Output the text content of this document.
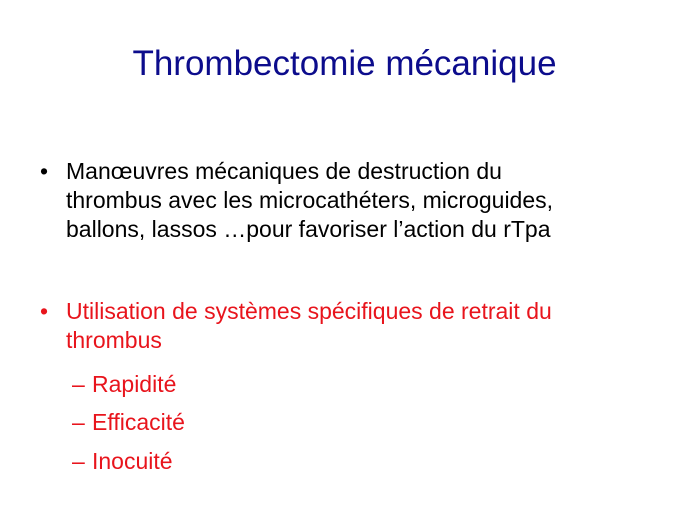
Thrombectomie mécanique
• Manœuvres mécaniques de destruction du
thrombus avec les microcathéters, microguides,
ballons, lassos …pour favoriser l’action du rTpa
• Utilisation de systèmes spécifiques de retrait du
thrombus
– Rapidité
– Efficacité
– Inocuité
